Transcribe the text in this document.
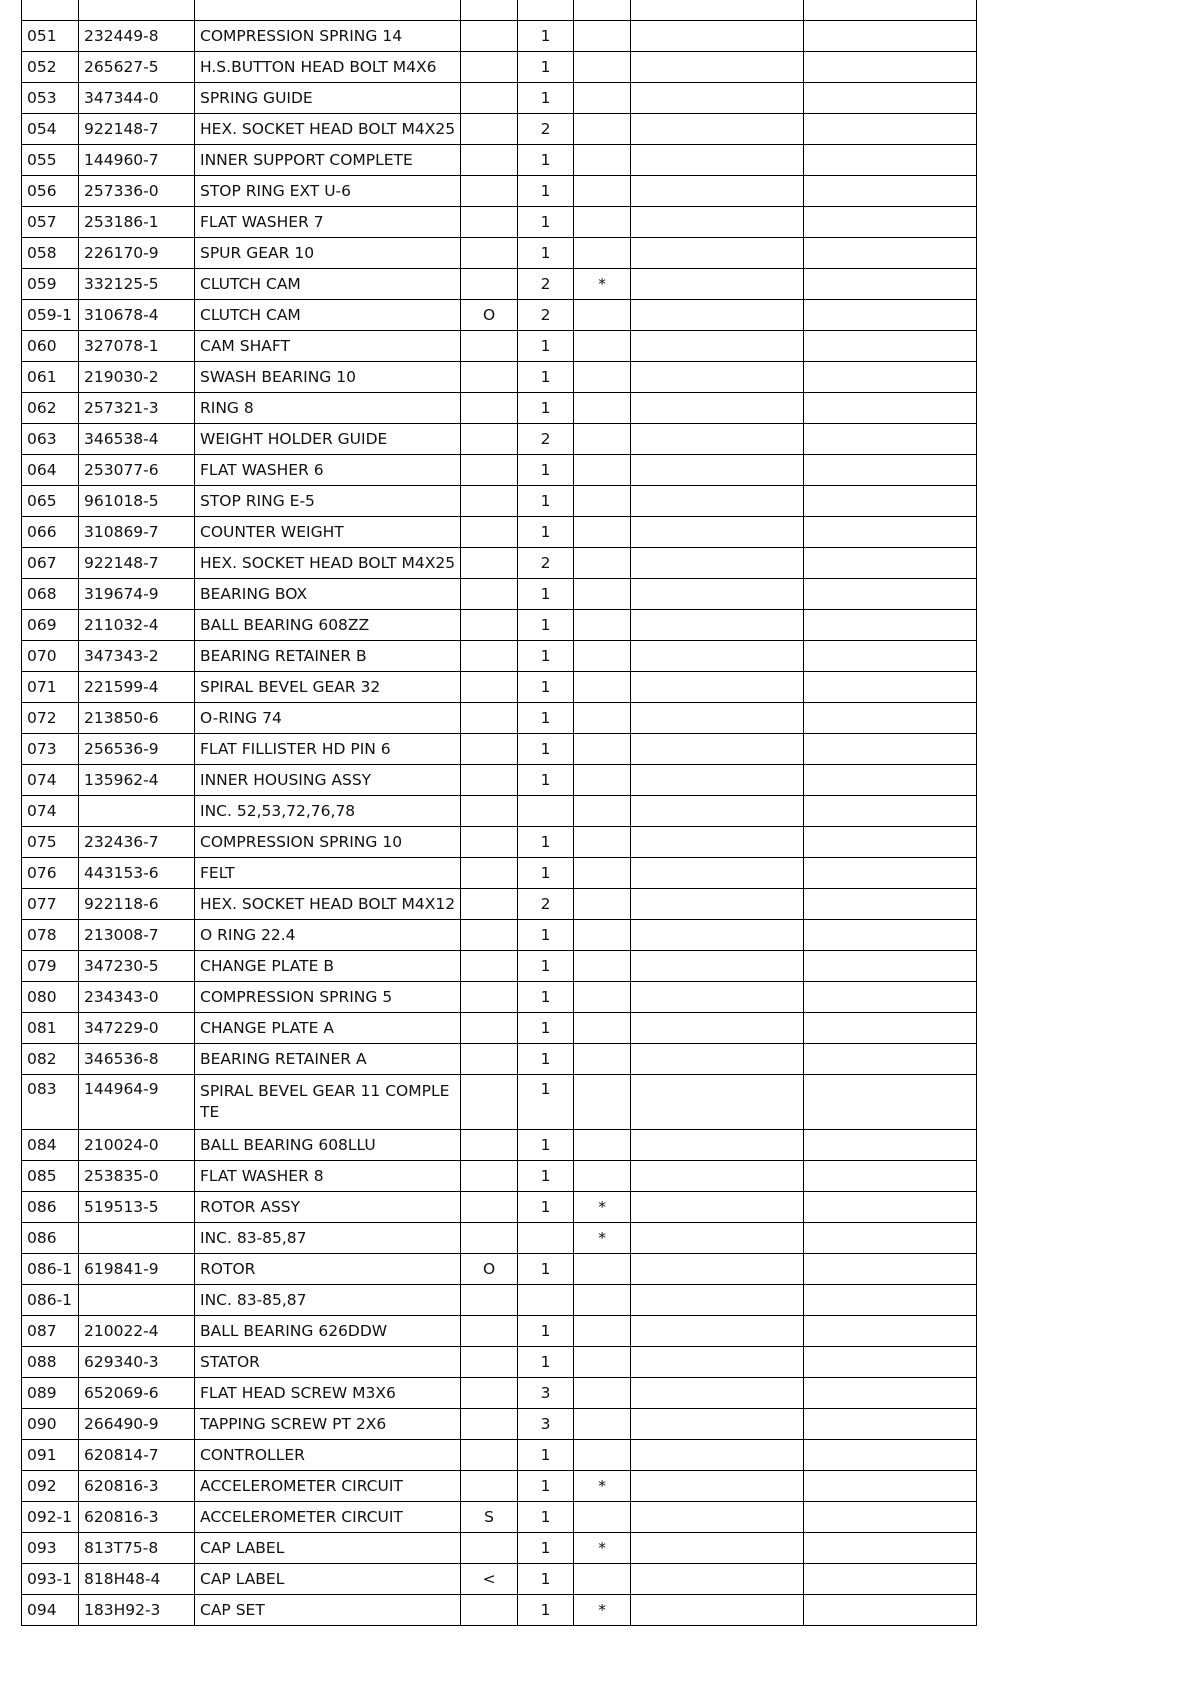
051	232449-8	COMPRESSION SPRING 14		1			
052	265627-5	H.S.BUTTON HEAD BOLT M4X6		1			
053	347344-0	SPRING GUIDE		1			
054	922148-7	HEX. SOCKET HEAD BOLT M4X25		2			
055	144960-7	INNER SUPPORT COMPLETE		1			
056	257336-0	STOP RING EXT U-6		1			
057	253186-1	FLAT WASHER 7		1			
058	226170-9	SPUR GEAR 10		1			
059	332125-5	CLUTCH CAM		2	*		
059-1	310678-4	CLUTCH CAM	O	2			
060	327078-1	CAM SHAFT		1			
061	219030-2	SWASH BEARING 10		1			
062	257321-3	RING 8		1			
063	346538-4	WEIGHT HOLDER GUIDE		2			
064	253077-6	FLAT WASHER 6		1			
065	961018-5	STOP RING E-5		1			
066	310869-7	COUNTER WEIGHT		1			
067	922148-7	HEX. SOCKET HEAD BOLT M4X25		2			
068	319674-9	BEARING BOX		1			
069	211032-4	BALL BEARING 608ZZ		1			
070	347343-2	BEARING RETAINER B		1			
071	221599-4	SPIRAL BEVEL GEAR 32		1			
072	213850-6	O-RING 74		1			
073	256536-9	FLAT FILLISTER HD PIN 6		1			
074	135962-4	INNER HOUSING ASSY		1			
074		INC. 52,53,72,76,78					
075	232436-7	COMPRESSION SPRING 10		1			
076	443153-6	FELT		1			
077	922118-6	HEX. SOCKET HEAD BOLT M4X12		2			
078	213008-7	O RING 22.4		1			
079	347230-5	CHANGE PLATE B		1			
080	234343-0	COMPRESSION SPRING 5		1			
081	347229-0	CHANGE PLATE A		1			
082	346536-8	BEARING RETAINER A		1			
083	144964-9	SPIRAL BEVEL GEAR 11 COMPLETE		1			
084	210024-0	BALL BEARING 608LLU		1			
085	253835-0	FLAT WASHER 8		1			
086	519513-5	ROTOR ASSY		1	*		
086		INC. 83-85,87			*		
086-1	619841-9	ROTOR	O	1			
086-1		INC. 83-85,87					
087	210022-4	BALL BEARING 626DDW		1			
088	629340-3	STATOR		1			
089	652069-6	FLAT HEAD SCREW M3X6		3			
090	266490-9	TAPPING SCREW PT 2X6		3			
091	620814-7	CONTROLLER		1			
092	620816-3	ACCELEROMETER CIRCUIT		1	*		
092-1	620816-3	ACCELEROMETER CIRCUIT	S	1			
093	813T75-8	CAP LABEL		1	*		
093-1	818H48-4	CAP LABEL	<	1			
094	183H92-3	CAP SET		1	*		
